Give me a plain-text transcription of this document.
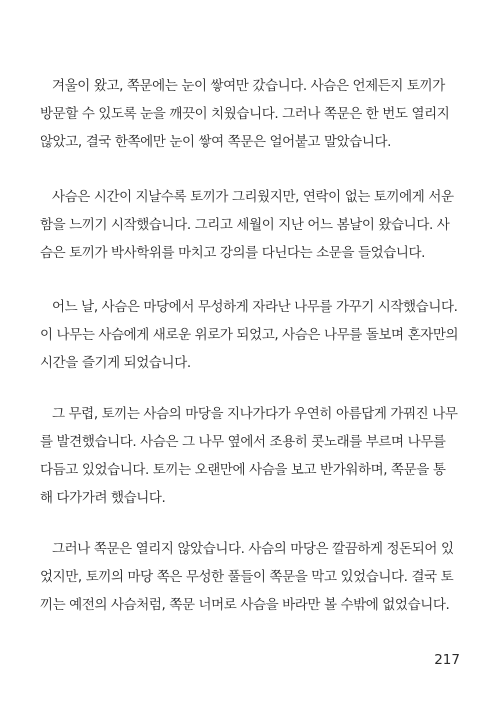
겨울이 왔고, 쪽문에는 눈이 쌓여만 갔습니다. 사슴은 언제든지 토끼가
방문할 수 있도록 눈을 깨끗이 치웠습니다. 그러나 쪽문은 한 번도 열리지
않았고, 결국 한쪽에만 눈이 쌓여 쪽문은 얼어붙고 말았습니다.
사슴은 시간이 지날수록 토끼가 그리웠지만, 연락이 없는 토끼에게 서운
함을 느끼기 시작했습니다. 그리고 세월이 지난 어느 봄날이 왔습니다. 사
슴은 토끼가 박사학위를 마치고 강의를 다닌다는 소문을 들었습니다.
어느 날, 사슴은 마당에서 무성하게 자라난 나무를 가꾸기 시작했습니다.
이 나무는 사슴에게 새로운 위로가 되었고, 사슴은 나무를 돌보며 혼자만의
시간을 즐기게 되었습니다.
그 무렵, 토끼는 사슴의 마당을 지나가다가 우연히 아름답게 가꿔진 나무
를 발견했습니다. 사슴은 그 나무 옆에서 조용히 콧노래를 부르며 나무를
다듬고 있었습니다. 토끼는 오랜만에 사슴을 보고 반가워하며, 쪽문을 통
해 다가가려 했습니다.
그러나 쪽문은 열리지 않았습니다. 사슴의 마당은 깔끔하게 정돈되어 있
었지만, 토끼의 마당 쪽은 무성한 풀들이 쪽문을 막고 있었습니다. 결국 토
끼는 예전의 사슴처럼, 쪽문 너머로 사슴을 바라만 볼 수밖에 없었습니다.
217
